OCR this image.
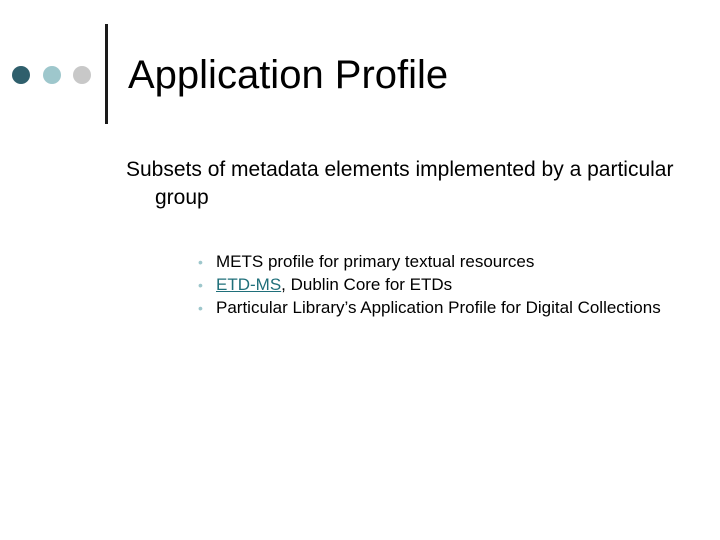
Application Profile

Subsets of metadata elements implemented by a particular group

• METS profile for primary textual resources
• ETD-MS, Dublin Core for ETDs
• Particular Library’s Application Profile for Digital Collections
